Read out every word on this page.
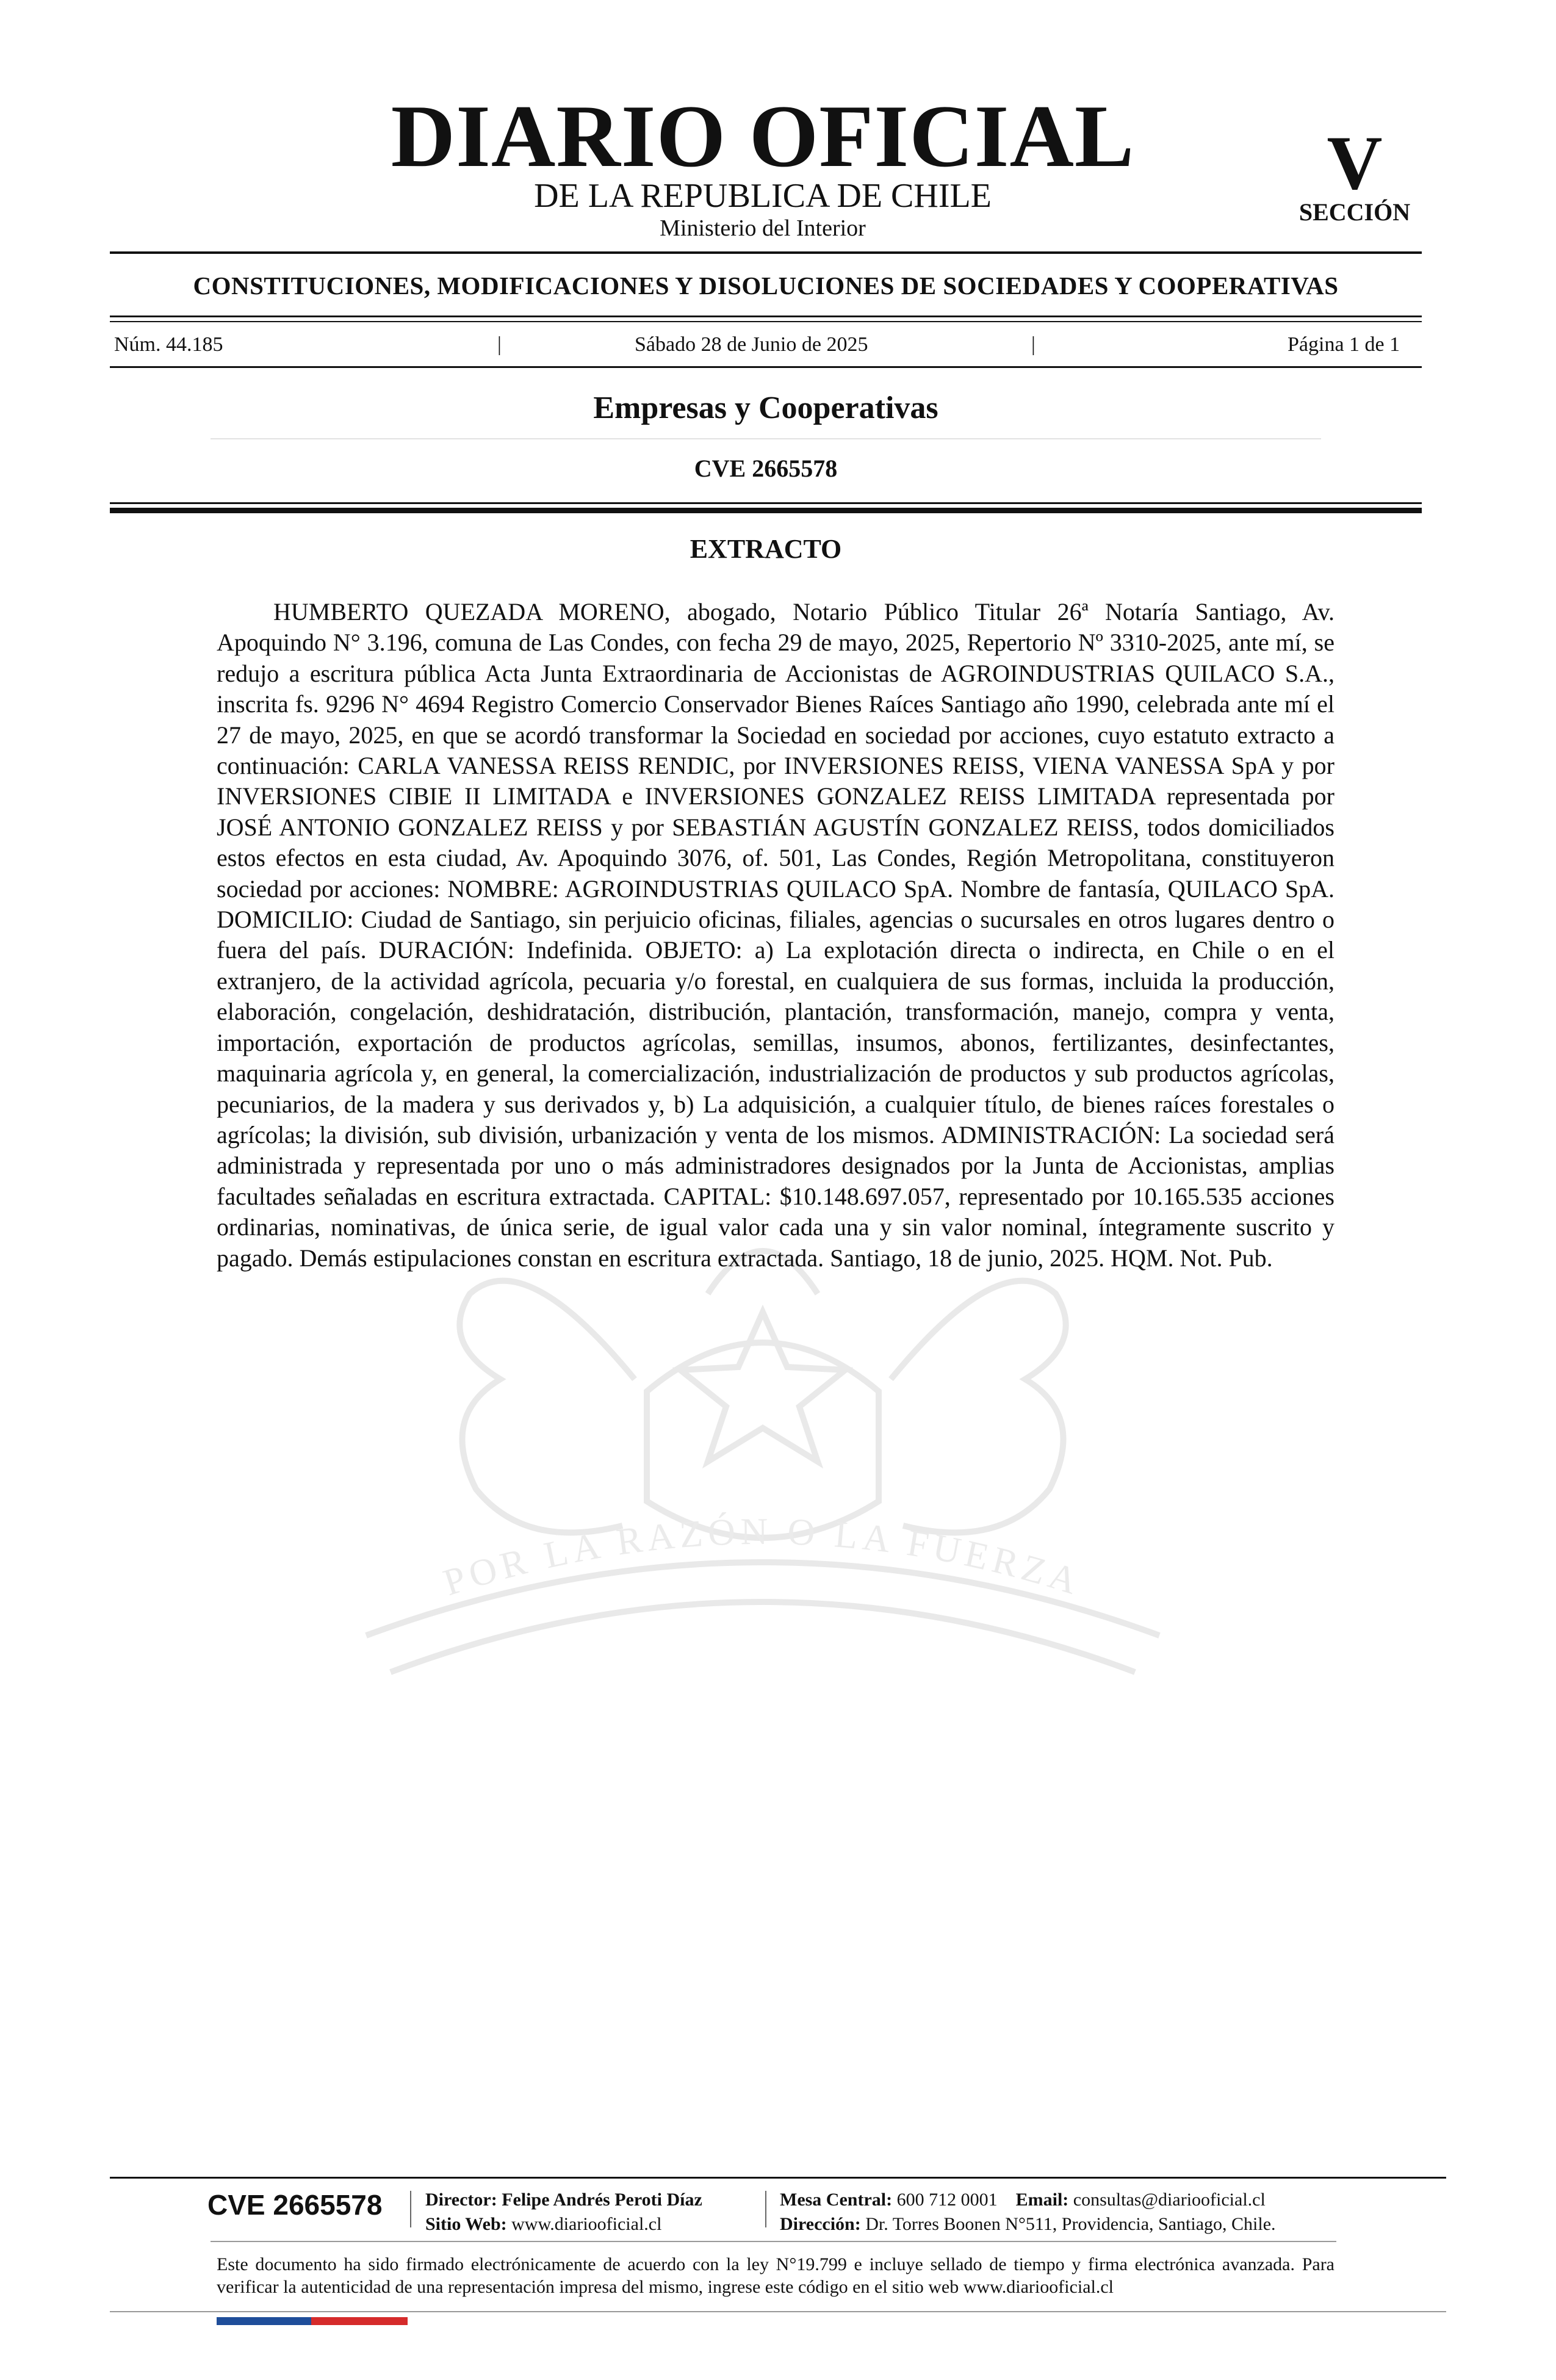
POR LA RAZÓN O LA FUERZA
DIARIO OFICIAL
DE LA REPUBLICA DE CHILE
Ministerio del Interior
V
SECCIÓN
CONSTITUCIONES, MODIFICACIONES Y DISOLUCIONES DE SOCIEDADES Y COOPERATIVAS
Núm. 44.185	|	Sábado 28 de Junio de 2025	|	Página 1 de 1
Empresas y Cooperativas
CVE 2665578
EXTRACTO

HUMBERTO QUEZADA MORENO, abogado, Notario Público Titular 26ª Notaría Santiago, Av. Apoquindo N° 3.196, comuna de Las Condes, con fecha 29 de mayo, 2025, Repertorio Nº 3310-2025, ante mí, se redujo a escritura pública Acta Junta Extraordinaria de Accionistas de AGROINDUSTRIAS QUILACO S.A., inscrita fs. 9296 N° 4694 Registro Comercio Conservador Bienes Raíces Santiago año 1990, celebrada ante mí el 27 de mayo, 2025, en que se acordó transformar la Sociedad en sociedad por acciones, cuyo estatuto extracto a continuación: CARLA VANESSA REISS RENDIC, por INVERSIONES REISS, VIENA VANESSA SpA y por INVERSIONES CIBIE II LIMITADA e INVERSIONES GONZALEZ REISS LIMITADA representada por JOSÉ ANTONIO GONZALEZ REISS y por SEBASTIÁN AGUSTÍN GONZALEZ REISS, todos domiciliados estos efectos en esta ciudad, Av. Apoquindo 3076, of. 501, Las Condes, Región Metropolitana, constituyeron sociedad por acciones: NOMBRE: AGROINDUSTRIAS QUILACO SpA. Nombre de fantasía, QUILACO SpA. DOMICILIO: Ciudad de Santiago, sin perjuicio oficinas, filiales, agencias o sucursales en otros lugares dentro o fuera del país. DURACIÓN: Indefinida. OBJETO: a) La explotación directa o indirecta, en Chile o en el extranjero, de la actividad agrícola, pecuaria y/o forestal, en cualquiera de sus formas, incluida la producción, elaboración, congelación, deshidratación, distribución, plantación, transformación, manejo, compra y venta, importación, exportación de productos agrícolas, semillas, insumos, abonos, fertilizantes, desinfectantes, maquinaria agrícola y, en general, la comercialización, industrialización de productos y sub productos agrícolas, pecuniarios, de la madera y sus derivados y, b) La adquisición, a cualquier título, de bienes raíces forestales o agrícolas; la división, sub división, urbanización y venta de los mismos. ADMINISTRACIÓN: La sociedad será administrada y representada por uno o más administradores designados por la Junta de Accionistas, amplias facultades señaladas en escritura extractada. CAPITAL: $10.148.697.057, representado por 10.165.535 acciones ordinarias, nominativas, de única serie, de igual valor cada una y sin valor nominal, íntegramente suscrito y pagado. Demás estipulaciones constan en escritura extractada. Santiago, 18 de junio, 2025. HQM. Not. Pub.

CVE 2665578 Director: Felipe Andrés Peroti Díaz
Sitio Web: www.diariooficial.cl
Mesa Central: 600 712 0001 Email: consultas@diariooficial.cl
Dirección: Dr. Torres Boonen N°511, Providencia, Santiago, Chile.

Este documento ha sido firmado electrónicamente de acuerdo con la ley N°19.799 e incluye sellado de tiempo y firma electrónica avanzada. Para verificar la autenticidad de una representación impresa del mismo, ingrese este código en el sitio web www.diariooficial.cl
